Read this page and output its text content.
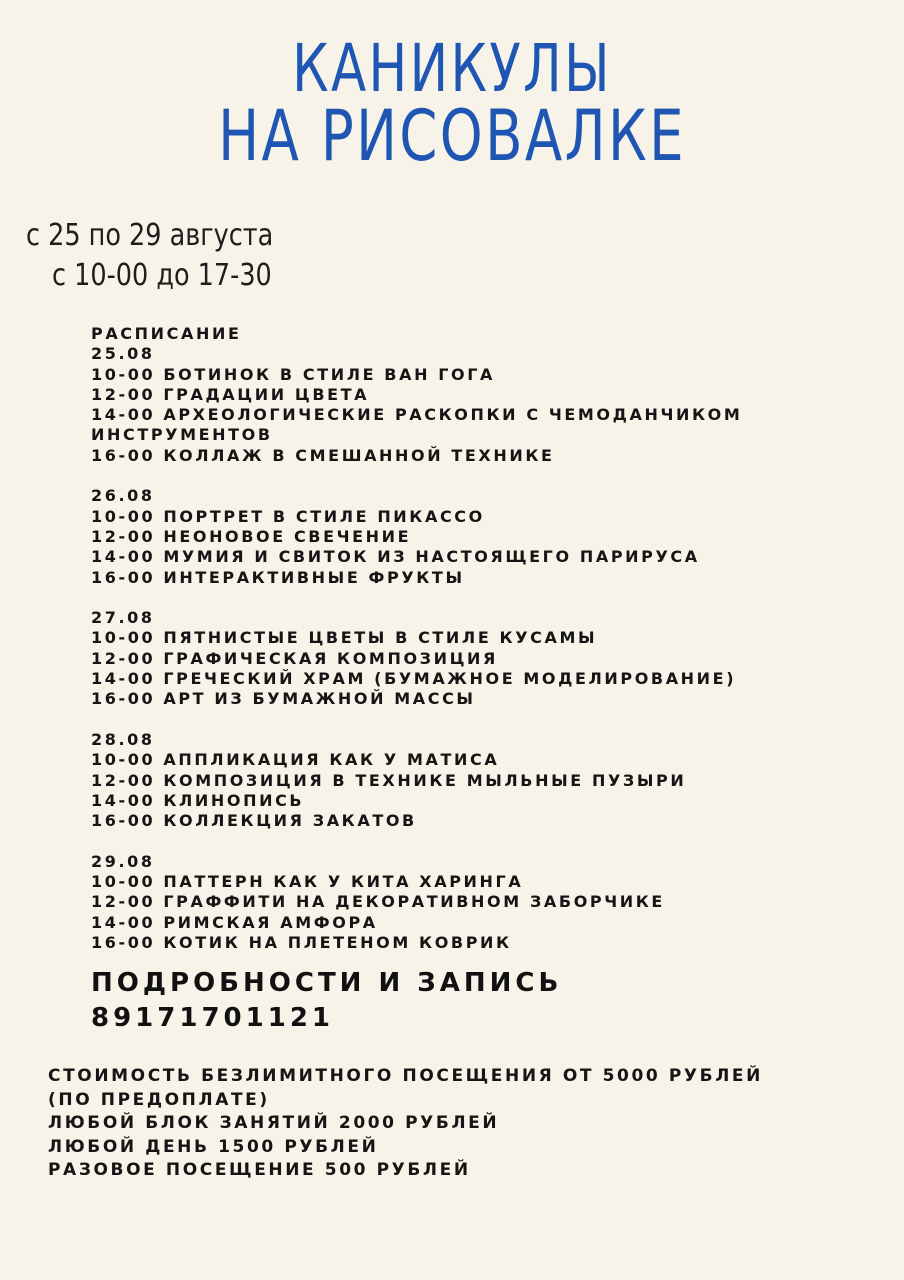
КАНИКУЛЫ
НА РИСОВАЛКЕ
с 25 по 29 августа
с 10-00 до 17-30
РАСПИСАНИЕ
25.08
10-00 БОТИНОК В СТИЛЕ ВАН ГОГА
12-00 ГРАДАЦИИ ЦВЕТА
14-00 АРХЕОЛОГИЧЕСКИЕ РАСКОПКИ С ЧЕМОДАНЧИКОМ ИНСТРУМЕНТОВ
16-00 КОЛЛАЖ В СМЕШАННОЙ ТЕХНИКЕ
26.08
10-00 ПОРТРЕТ В СТИЛЕ ПИКАССО
12-00 НЕОНОВОЕ СВЕЧЕНИЕ
14-00 МУМИЯ И СВИТОК ИЗ НАСТОЯЩЕГО ПАРИРУСА
16-00 ИНТЕРАКТИВНЫЕ ФРУКТЫ
27.08
10-00 ПЯТНИСТЫЕ ЦВЕТЫ В СТИЛЕ КУСАМЫ
12-00 ГРАФИЧЕСКАЯ КОМПОЗИЦИЯ
14-00 ГРЕЧЕСКИЙ ХРАМ (БУМАЖНОЕ МОДЕЛИРОВАНИЕ)
16-00 АРТ ИЗ БУМАЖНОЙ МАССЫ
28.08
10-00 АППЛИКАЦИЯ КАК У МАТИСА
12-00 КОМПОЗИЦИЯ В ТЕХНИКЕ МЫЛЬНЫЕ ПУЗЫРИ
14-00 КЛИНОПИСЬ
16-00 КОЛЛЕКЦИЯ ЗАКАТОВ
29.08
10-00 ПАТТЕРН КАК У КИТА ХАРИНГА
12-00 ГРАФФИТИ НА ДЕКОРАТИВНОМ ЗАБОРЧИКЕ
14-00 РИМСКАЯ АМФОРА
16-00 КОТИК НА ПЛЕТЕНОМ КОВРИК
ПОДРОБНОСТИ И ЗАПИСЬ
89171701121
СТОИМОСТЬ БЕЗЛИМИТНОГО ПОСЕЩЕНИЯ ОТ 5000 РУБЛЕЙ
(ПО ПРЕДОПЛАТЕ)
ЛЮБОЙ БЛОК ЗАНЯТИЙ 2000 РУБЛЕЙ
ЛЮБОЙ ДЕНЬ 1500 РУБЛЕЙ
РАЗОВОЕ ПОСЕЩЕНИЕ 500 РУБЛЕЙ
